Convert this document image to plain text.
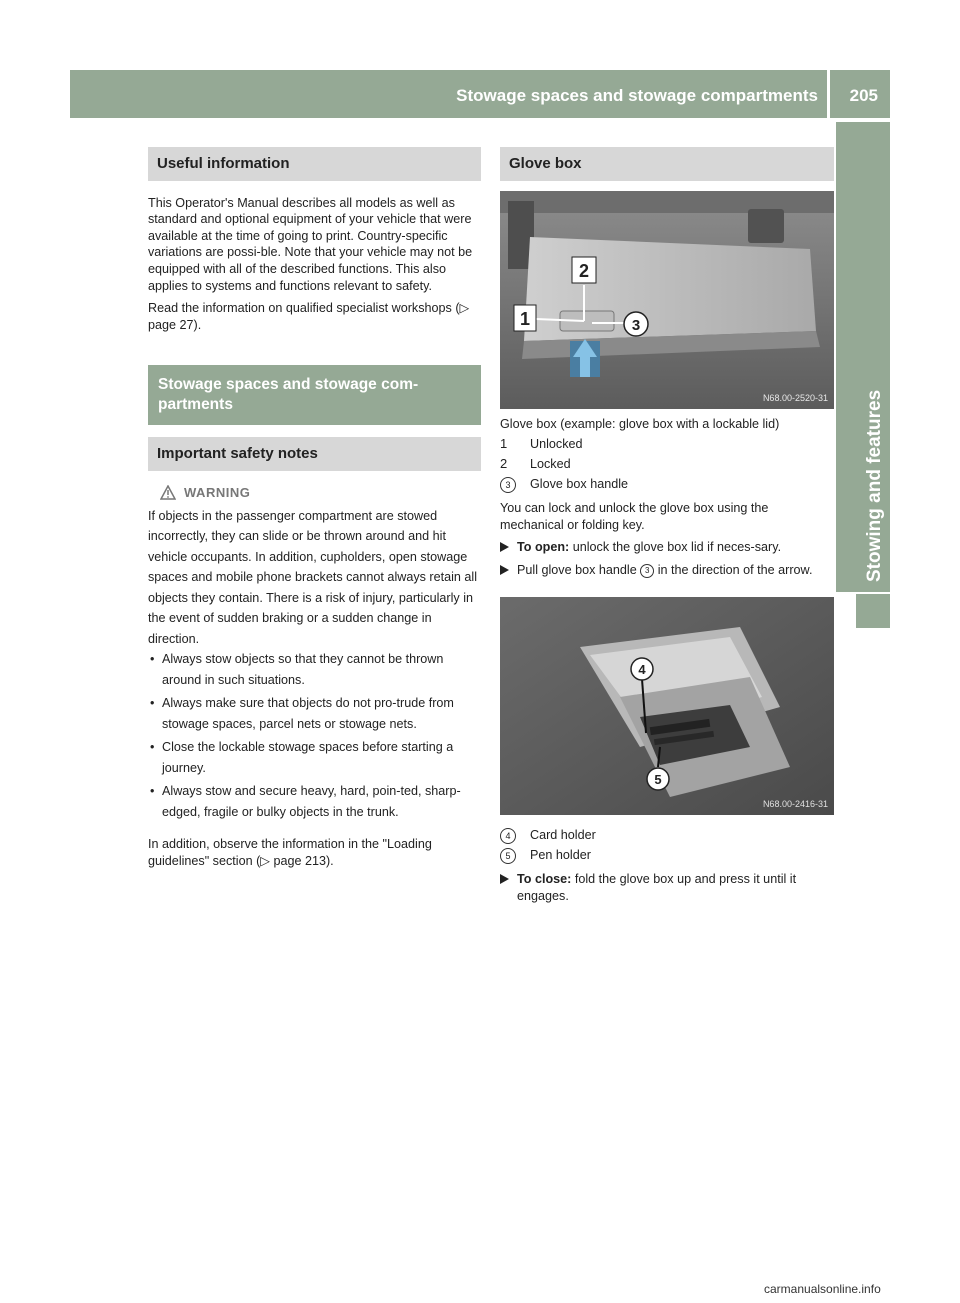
Stowage spaces and stowage compartments 205
Stowing and features
Useful information

This Operator's Manual describes all models as well as standard and optional equipment of your vehicle that were available at the time of going to print. Country-specific variations are possi-ble. Note that your vehicle may not be equipped with all of the described functions. This also applies to systems and functions relevant to safety.

Read the information on qualified specialist workshops (▷ page 27).

Stowage spaces and stowage com-partments
Important safety notes
WARNING

If objects in the passenger compartment are stowed incorrectly, they can slide or be thrown around and hit vehicle occupants. In addition, cupholders, open stowage spaces and mobile phone brackets cannot always retain all objects they contain. There is a risk of injury, particularly in the event of sudden braking or a sudden change in direction.

• Always stow objects so that they cannot be thrown around in such situations.
• Always make sure that objects do not pro-trude from stowage spaces, parcel nets or stowage nets.
• Close the lockable stowage spaces before starting a journey.
• Always stow and secure heavy, hard, poin-ted, sharp-edged, fragile or bulky objects in the trunk.

In addition, observe the information in the "Loading guidelines" section (▷ page 213).

Glove box
2
1	3
N68.00-2520-31

Glove box (example: glove box with a lockable lid)

1 Unlocked
2 Locked
3	Glove box handle

You can lock and unlock the glove box using the mechanical or folding key.

To open: unlock the glove box lid if neces-sary.
Pull glove box handle 3 in the direction of the arrow.
4
5
N68.00-2416-31
4	Card holder
5	Pen holder
To close: fold the glove box up and press it until it engages.
carmanualsonline.info
